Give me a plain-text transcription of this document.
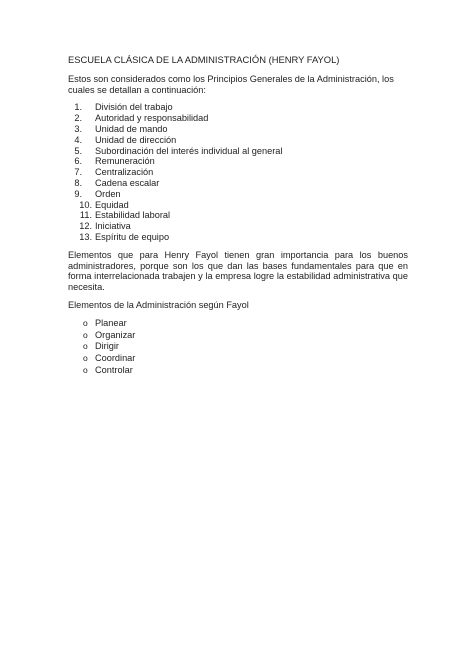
ESCUELA CLÁSICA DE LA ADMINISTRACIÓN (HENRY FAYOL)

Estos son considerados como los Principios Generales de la Administración, los cuales se detallan a continuación:

1. División del trabajo
2. Autoridad y responsabilidad
3. Unidad de mando
4. Unidad de dirección
5. Subordinación del interés individual al general
6. Remuneración
7. Centralización
8. Cadena escalar
9. Orden
10. Equidad
11. Estabilidad laboral
12. Iniciativa
13. Espíritu de equipo

Elementos que para Henry Fayol tienen gran importancia para los buenos administradores, porque son los que dan las bases fundamentales para que en forma interrelacionada trabajen y la empresa logre la estabilidad administrativa que necesita.

Elementos de la Administración según Fayol

o Planear
o Organizar
o Dirigir
o Coordinar
o Controlar
